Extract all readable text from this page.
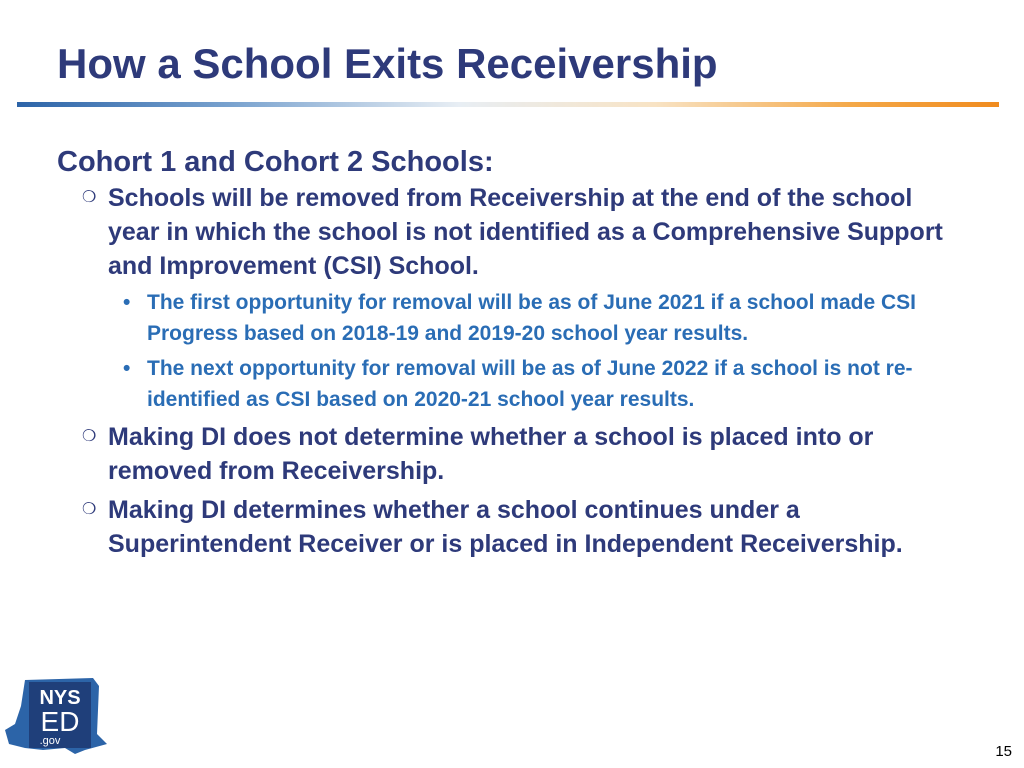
How a School Exits Receivership

Cohort 1 and Cohort 2 Schools:

❍ Schools will be removed from Receivership at the end of the school year in which the school is not identified as a Comprehensive Support and Improvement (CSI) School.

• The first opportunity for removal will be as of June 2021 if a school made CSI Progress based on 2018-19 and 2019-20 school year results.

• The next opportunity for removal will be as of June 2022 if a school is not re-identified as CSI based on 2020-21 school year results.

❍ Making DI does not determine whether a school is placed into or removed from Receivership.

❍ Making DI determines whether a school continues under a Superintendent Receiver or is placed in Independent Receivership.

NYS
ED
.gov
15
